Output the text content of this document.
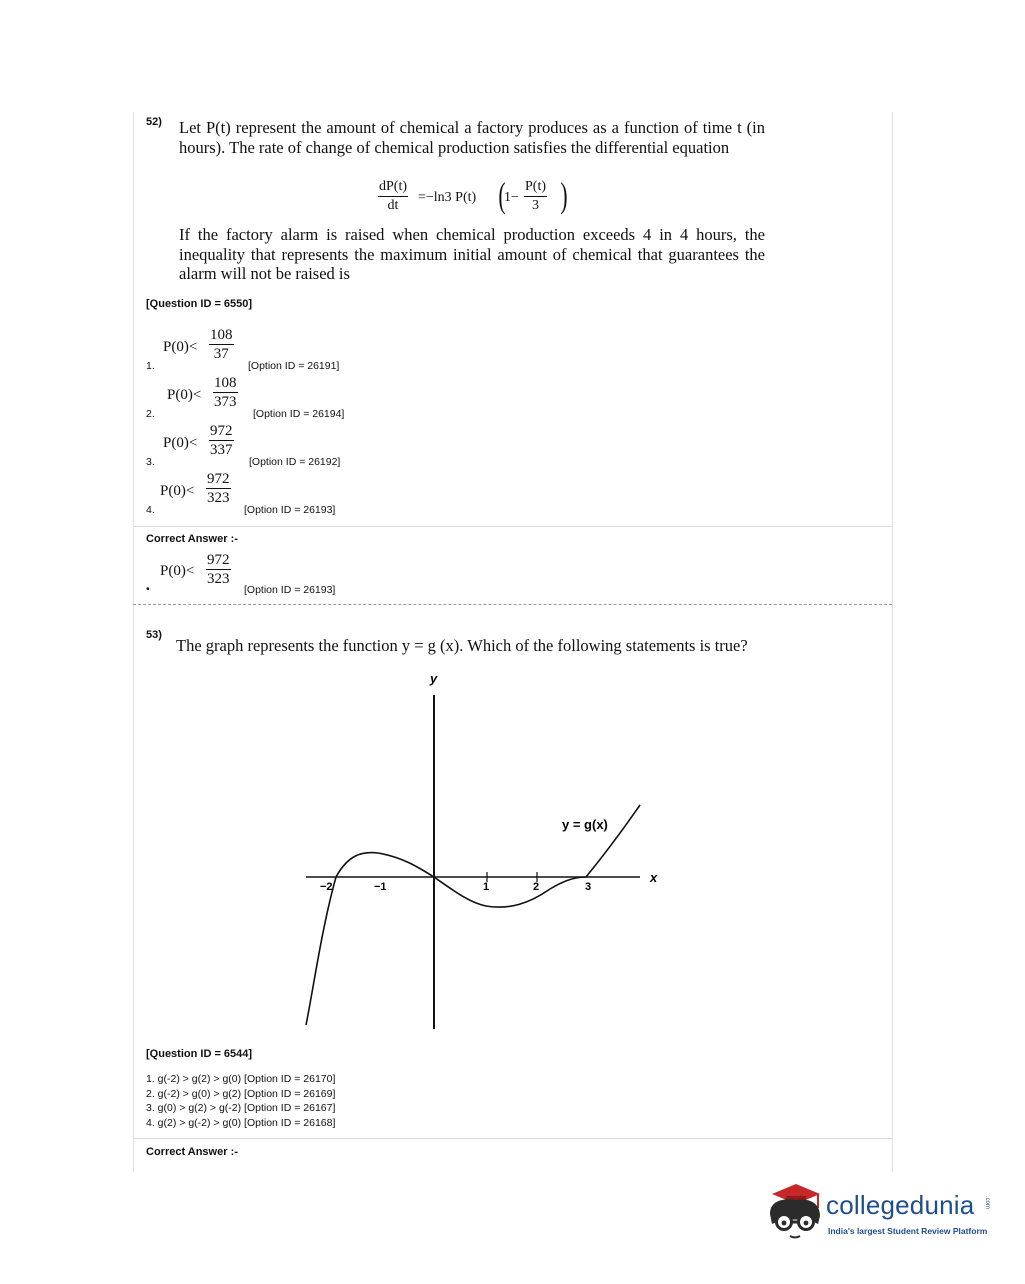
52) Let P(t) represent the amount of chemical a factory produces as a function of time t (in hours). The rate of change of chemical production satisfies the differential equation

$\frac{dP(t)}{dt} =-\ln 3$ P(t) (
$1- \frac{P(t)}{3}$ )

If the factory alarm is raised when chemical production exceeds 4 in 4 hours, the inequality that represents the maximum initial amount of chemical that guarantees the alarm will not be raised is

[Question ID = 6550]
1.
$P(0)< \frac{108}{37}$
[Option ID = 26191]
2.
$P(0)< \frac{108}{373}$
[Option ID = 26194]
3.
$P(0)< \frac{972}{337}$
[Option ID = 26192]
4.
$P(0)< \frac{972}{323}$
[Option ID = 26193]
Correct Answer :-
•
$P(0)< \frac{972}{323}$
[Option ID = 26193]
53)
The graph represents the function y = g (x). Which of the following statements is true?
y
x
y = g(x)
−2	−1	1	2	3
[Question ID = 6544]
1. g(-2) > g(2) > g(0) [Option ID = 26170]
2. g(-2) > g(0) > g(2) [Option ID = 26169]
3. g(0) > g(2) > g(-2) [Option ID = 26167]
4. g(2) > g(-2) > g(0) [Option ID = 26168]
Correct Answer :-
collegedunia .com
India's largest Student Review Platform
